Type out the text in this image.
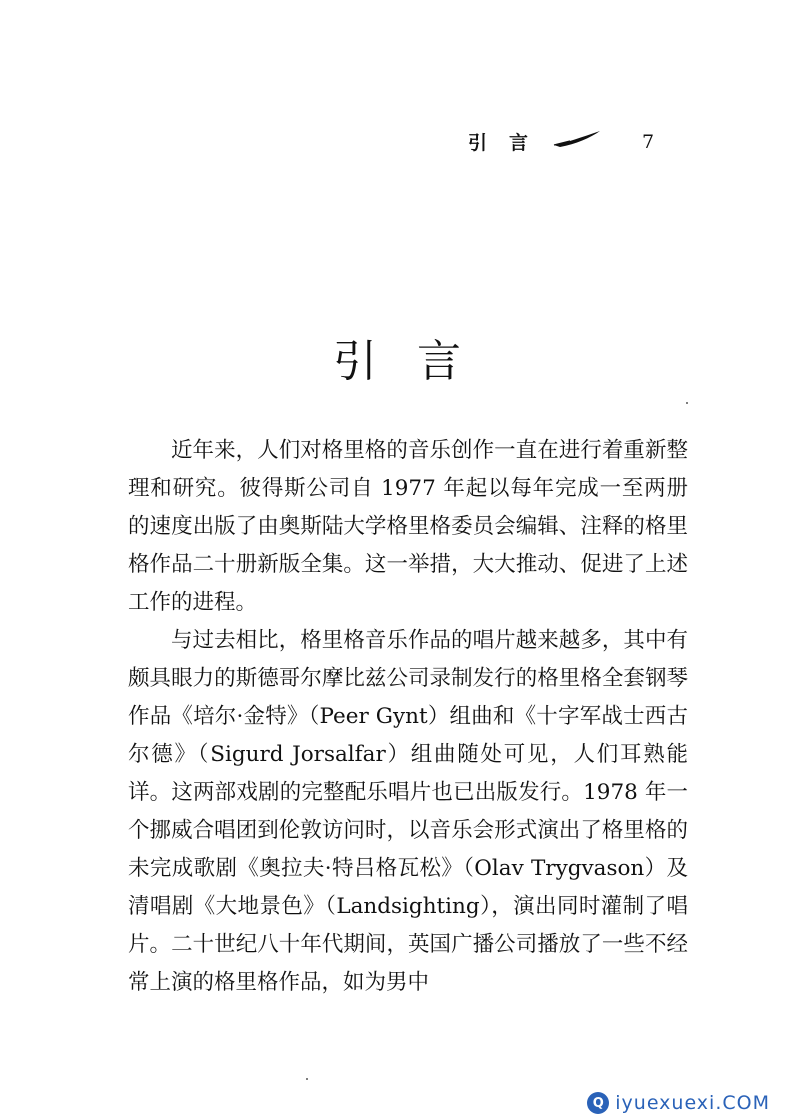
引言	7
引言

近年来，人们对格里格的音乐创作一直在进行着重新整理和研究。彼得斯公司自 1977 年起以每年完成一至两册的速度出版了由奥斯陆大学格里格委员会编辑、注释的格里格作品二十册新版全集。这一举措，大大推动、促进了上述工作的进程。

与过去相比，格里格音乐作品的唱片越来越多，其中有颇具眼力的斯德哥尔摩比兹公司录制发行的格里格全套钢琴作品《培尔·金特》（Peer Gynt）组曲和《十字军战士西古尔德》（Sigurd Jorsalfar）组曲随处可见，人们耳熟能详。这两部戏剧的完整配乐唱片也已出版发行。1978 年一个挪威合唱团到伦敦访问时，以音乐会形式演出了格里格的未完成歌剧《奥拉夫·特吕格瓦松》（Olav Trygvason）及清唱剧《大地景色》（Landsighting），演出同时灌制了唱片。二十世纪八十年代期间，英国广播公司播放了一些不经常上演的格里格作品，如为男中

Q iyuexuexi.COM
